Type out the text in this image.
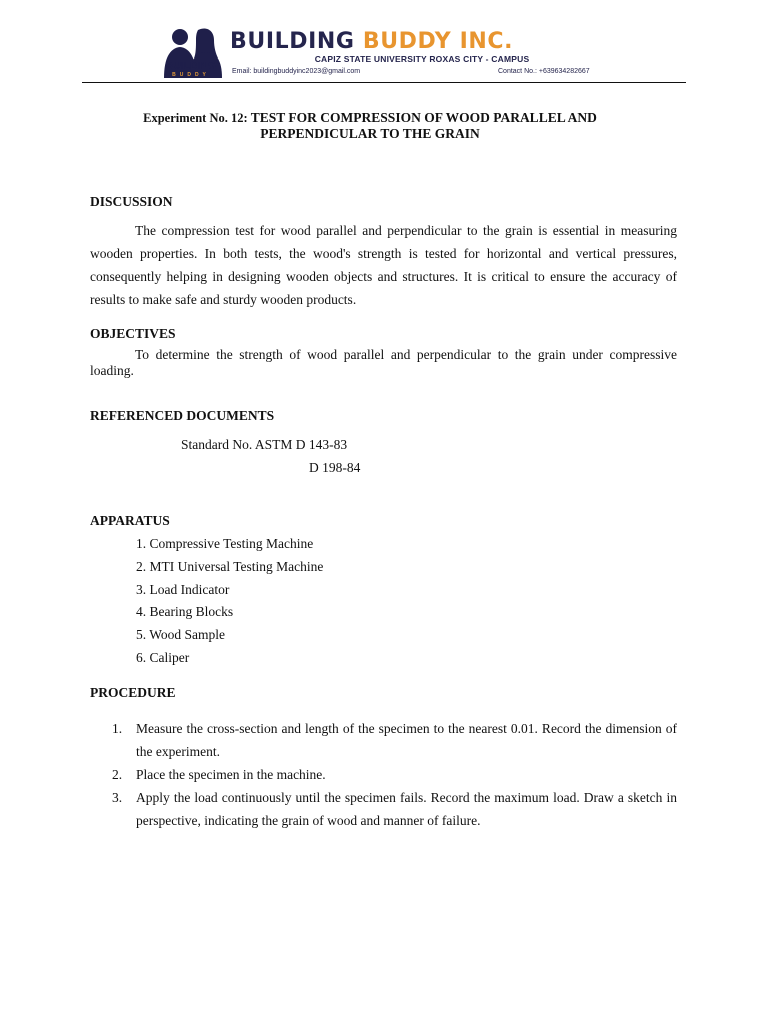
BUILDING
BUDDY
BUILDING BUDDY INC.
CAPIZ STATE UNIVERSITY ROXAS CITY - CAMPUS
Email: buildingbuddyinc2023@gmail.com	Contact No.: +639634282667
Experiment No. 12: TEST FOR COMPRESSION OF WOOD PARALLEL AND
PERPENDICULAR TO THE GRAIN
DISCUSSION
The compression test for wood parallel and perpendicular to the grain is essential in measuring wooden properties. In both tests, the wood's strength is tested for horizontal and vertical pressures, consequently helping in designing wooden objects and structures. It is critical to ensure the accuracy of results to make safe and sturdy wooden products.
OBJECTIVES
To determine the strength of wood parallel and perpendicular to the grain under compressive loading.
REFERENCED DOCUMENTS
Standard No. ASTM D 143-83
D 198-84
APPARATUS
1. Compressive Testing Machine
2. MTI Universal Testing Machine
3. Load Indicator
4. Bearing Blocks
5. Wood Sample
6. Caliper
PROCEDURE
1. Measure the cross-section and length of the specimen to the nearest 0.01. Record the dimension of the experiment.
2. Place the specimen in the machine.
3. Apply the load continuously until the specimen fails. Record the maximum load. Draw a sketch in perspective, indicating the grain of wood and manner of failure.
